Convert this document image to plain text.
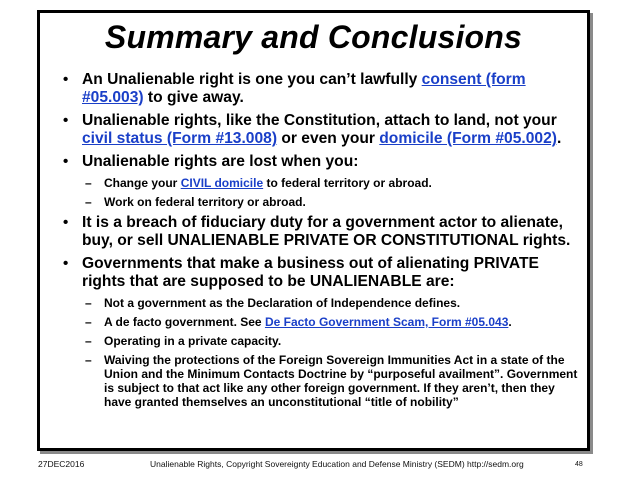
Summary and Conclusions
• An Unalienable right is one you can’t lawfully consent (form #05.003) to give away.
• Unalienable rights, like the Constitution, attach to land, not your civil status (Form #13.008) or even your domicile (Form #05.002).
• Unalienable rights are lost when you:
– Change your CIVIL domicile to federal territory or abroad.
– Work on federal territory or abroad.
• It is a breach of fiduciary duty for a government actor to alienate, buy, or sell UNALIENABLE PRIVATE OR CONSTITUTIONAL rights.
• Governments that make a business out of alienating PRIVATE rights that are supposed to be UNALIENABLE are:
– Not a government as the Declaration of Independence defines.
– A de facto government. See De Facto Government Scam, Form #05.043.
– Operating in a private capacity.
– Waiving the protections of the Foreign Sovereign Immunities Act in a state of the Union and the Minimum Contacts Doctrine by “purposeful availment”. Government is subject to that act like any other foreign government. If they aren’t, then they have granted themselves an unconstitutional “title of nobility”
27DEC2016	Unalienable Rights, Copyright Sovereignty Education and Defense Ministry (SEDM) http://sedm.org	48
